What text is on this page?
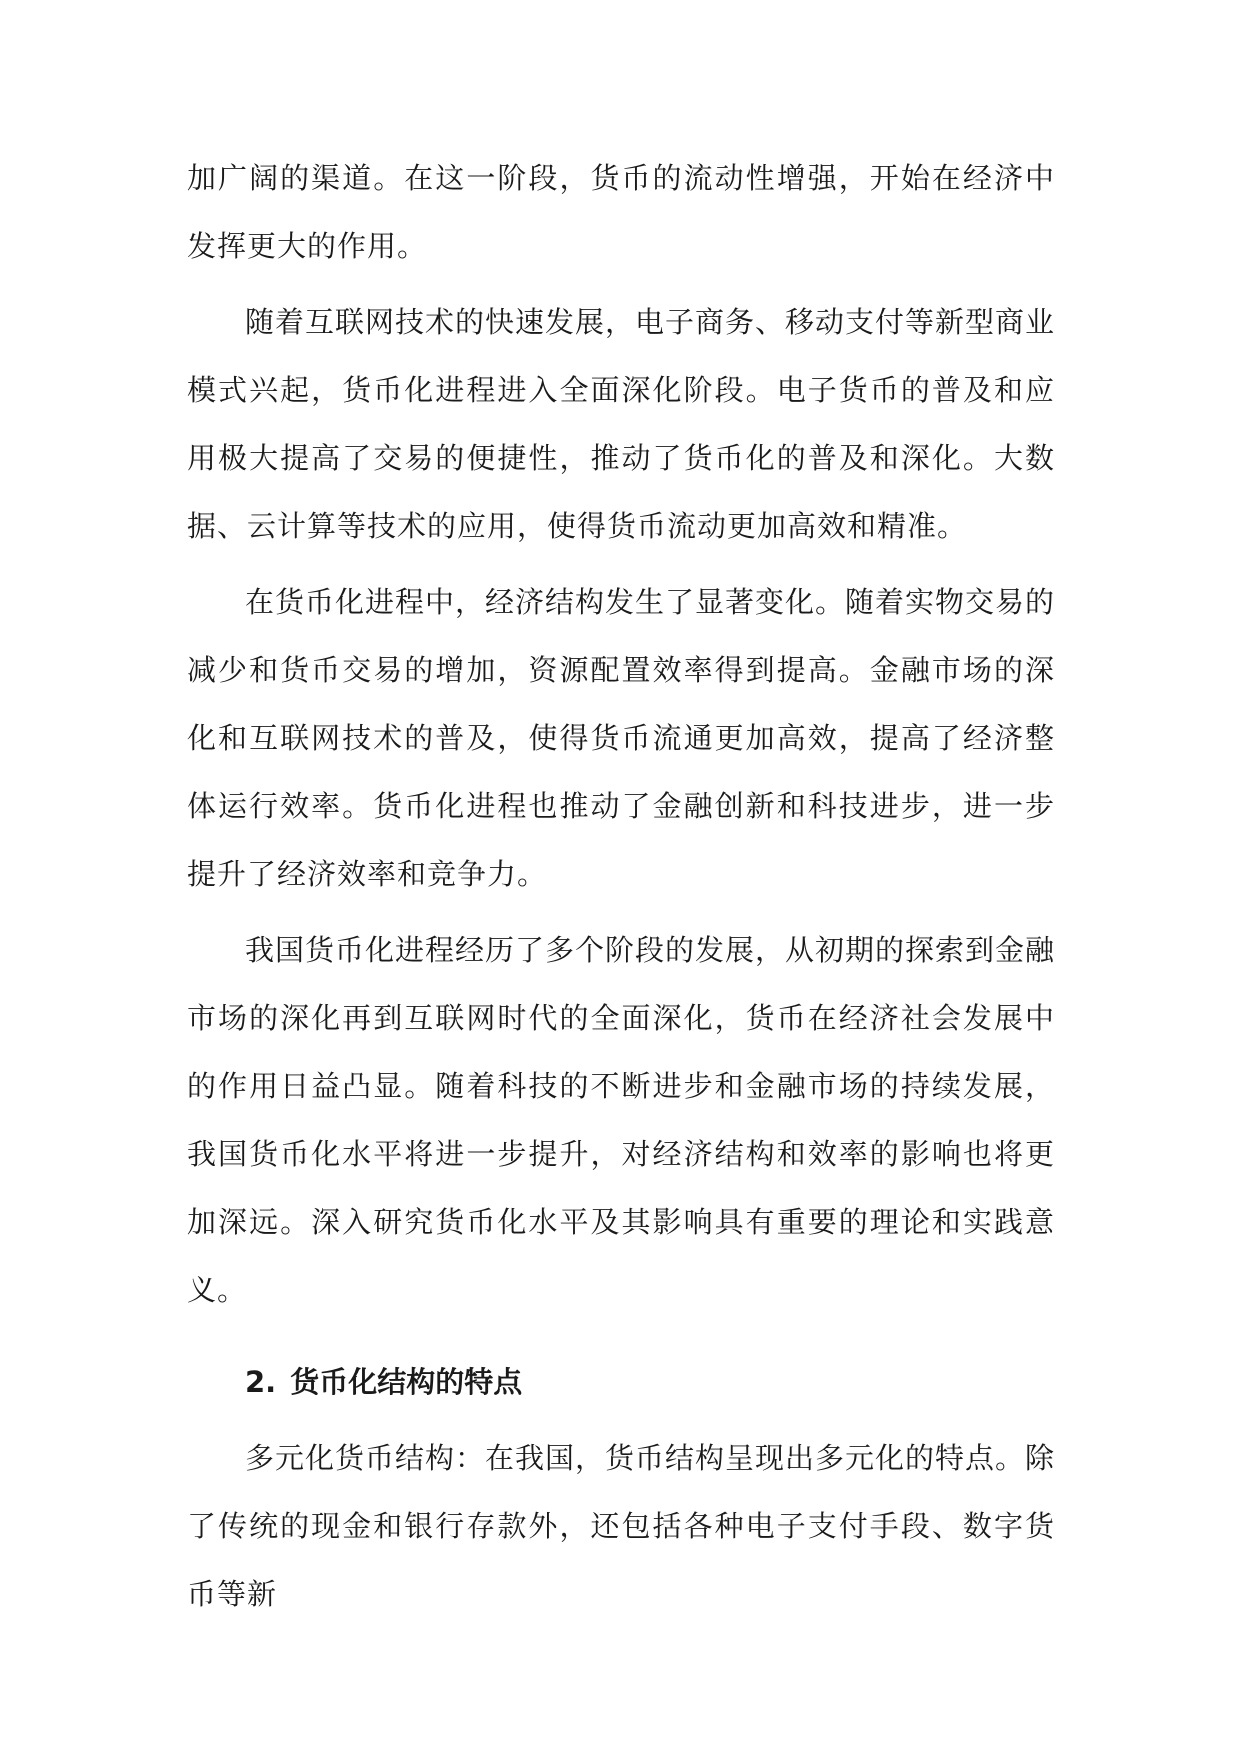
加广阔的渠道。在这一阶段，货币的流动性增强，开始在经济中发挥更大的作用。

随着互联网技术的快速发展，电子商务、移动支付等新型商业模式兴起，货币化进程进入全面深化阶段。电子货币的普及和应用极大提高了交易的便捷性，推动了货币化的普及和深化。大数据、云计算等技术的应用，使得货币流动更加高效和精准。

在货币化进程中，经济结构发生了显著变化。随着实物交易的减少和货币交易的增加，资源配置效率得到提高。金融市场的深化和互联网技术的普及，使得货币流通更加高效，提高了经济整体运行效率。货币化进程也推动了金融创新和科技进步，进一步提升了经济效率和竞争力。

我国货币化进程经历了多个阶段的发展，从初期的探索到金融市场的深化再到互联网时代的全面深化，货币在经济社会发展中的作用日益凸显。随着科技的不断进步和金融市场的持续发展，我国货币化水平将进一步提升，对经济结构和效率的影响也将更加深远。深入研究货币化水平及其影响具有重要的理论和实践意义。

2. 货币化结构的特点

多元化货币结构：在我国，货币结构呈现出多元化的特点。除了传统的现金和银行存款外，还包括各种电子支付手段、数字货币等新
